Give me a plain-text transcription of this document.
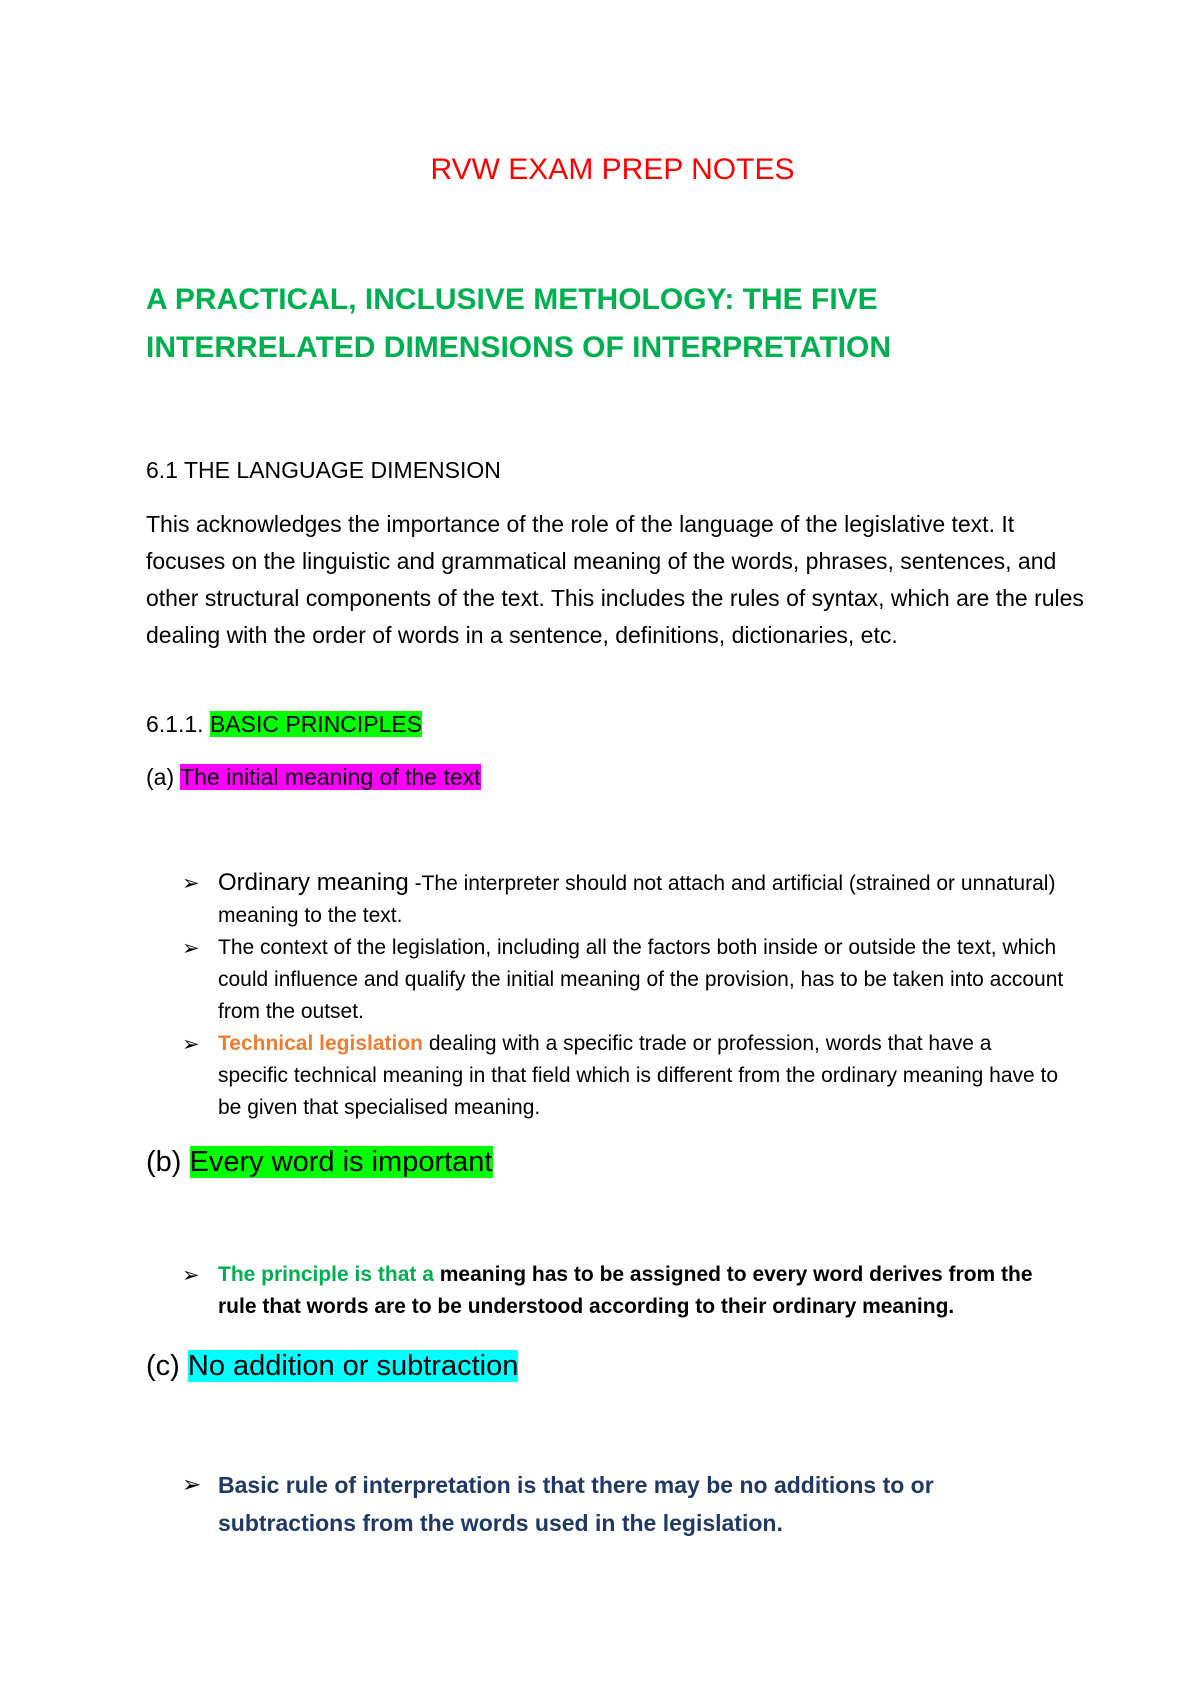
RVW EXAM PREP NOTES
A PRACTICAL, INCLUSIVE METHOLOGY: THE FIVE
INTERRELATED DIMENSIONS OF INTERPRETATION
6.1 THE LANGUAGE DIMENSION
This acknowledges the importance of the role of the language of the legislative text. It focuses on the linguistic and grammatical meaning of the words, phrases, sentences, and other structural components of the text. This includes the rules of syntax, which are the rules dealing with the order of words in a sentence, definitions, dictionaries, etc.
6.1.1. BASIC PRINCIPLES
(a) The initial meaning of the text
➢ Ordinary meaning -The interpreter should not attach and artificial (strained or unnatural) meaning to the text.
➢ The context of the legislation, including all the factors both inside or outside the text, which could influence and qualify the initial meaning of the provision, has to be taken into account from the outset.
➢ Technical legislation dealing with a specific trade or profession, words that have a specific technical meaning in that field which is different from the ordinary meaning have to be given that specialised meaning.
(b) Every word is important
➢ The principle is that a meaning has to be assigned to every word derives from the rule that words are to be understood according to their ordinary meaning.
(c) No addition or subtraction
➢ Basic rule of interpretation is that there may be no additions to or subtractions from the words used in the legislation.
